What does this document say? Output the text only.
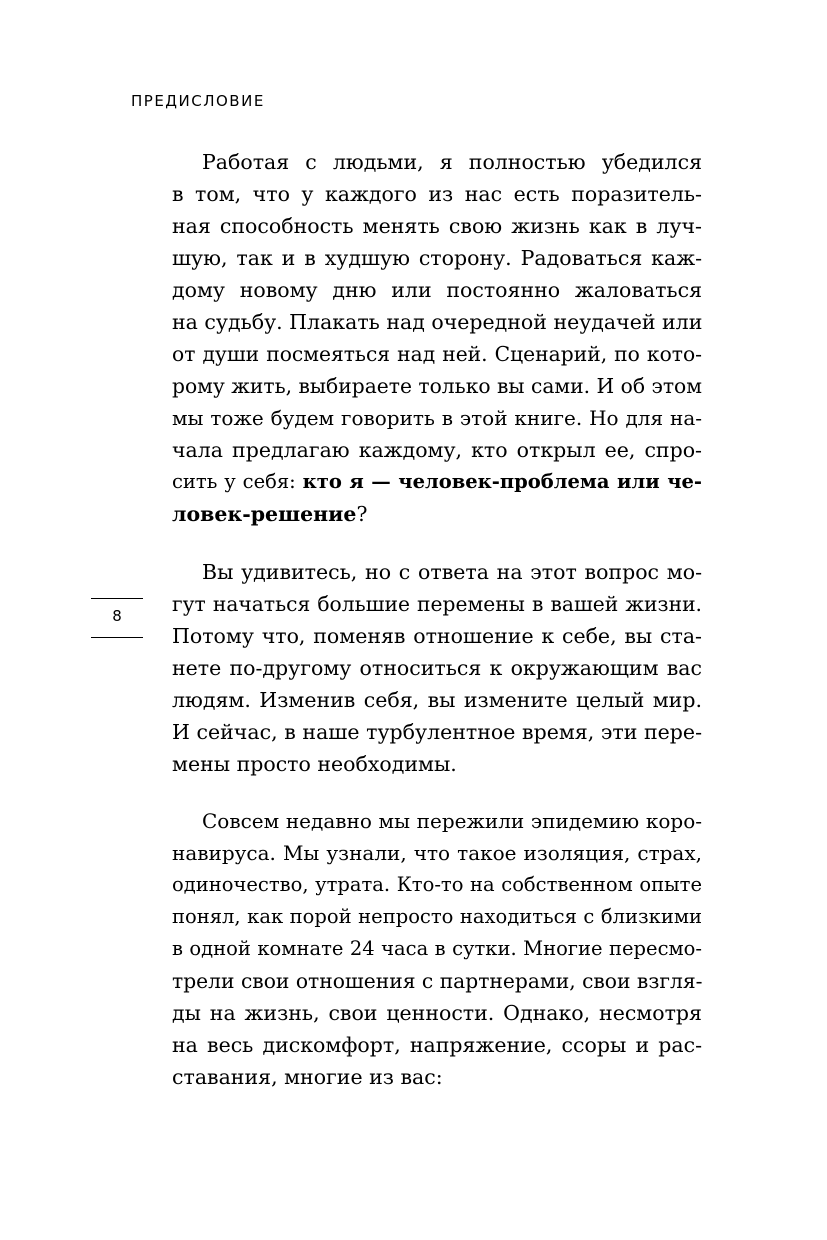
ПРЕДИСЛОВИЕ
8
Работая с людьми, я полностью убедился
в том, что у каждого из нас есть поразитель-
ная способность менять свою жизнь как в луч-
шую, так и в худшую сторону. Радоваться каж-
дому новому дню или постоянно жаловаться
на судьбу. Плакать над очередной неудачей или
от души посмеяться над ней. Сценарий, по кото-
рому жить, выбираете только вы сами. И об этом
мы тоже будем говорить в этой книге. Но для на-
чала предлагаю каждому, кто открыл ее, спро-
сить у себя: кто я — человек-проблема или че-
ловек-решение?
Вы удивитесь, но с ответа на этот вопрос мо-
гут начаться большие перемены в вашей жизни.
Потому что, поменяв отношение к себе, вы ста-
нете по-другому относиться к окружающим вас
людям. Изменив себя, вы измените целый мир.
И сейчас, в наше турбулентное время, эти пере-
мены просто необходимы.
Совсем недавно мы пережили эпидемию коро-
навируса. Мы узнали, что такое изоляция, страх,
одиночество, утрата. Кто-то на собственном опыте
понял, как порой непросто находиться с близкими
в одной комнате 24 часа в сутки. Многие пересмо-
трели свои отношения с партнерами, свои взгля-
ды на жизнь, свои ценности. Однако, несмотря
на весь дискомфорт, напряжение, ссоры и рас-
ставания, многие из вас:
